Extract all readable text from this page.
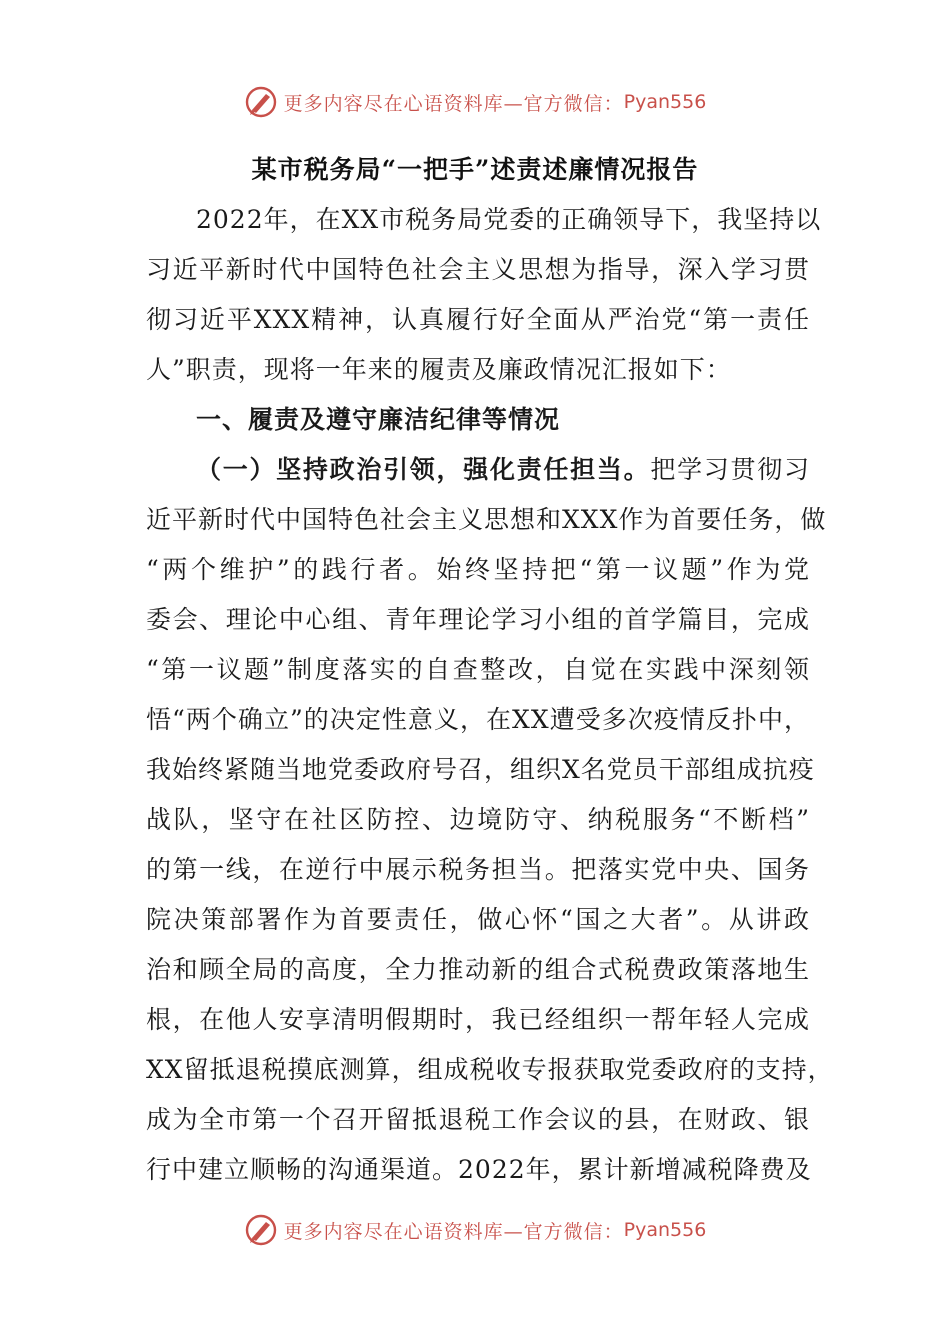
更多内容尽在心语资料库—官方微信： Pyan556
某市税务局“一把手”述责述廉情况报告
2022年，在XX市税务局党委的正确领导下，我坚持以
习近平新时代中国特色社会主义思想为指导，深入学习贯
彻习近平XXX精神，认真履行好全面从严治党“第一责任
人”职责，现将一年来的履责及廉政情况汇报如下：
一、履责及遵守廉洁纪律等情况
（一）坚持政治引领，强化责任担当。把学习贯彻习
近平新时代中国特色社会主义思想和XXX作为首要任务，做
“两个维护”的践行者。始终坚持把“第一议题”作为党
委会、理论中心组、青年理论学习小组的首学篇目，完成
“第一议题”制度落实的自查整改，自觉在实践中深刻领
悟“两个确立”的决定性意义，在XX遭受多次疫情反扑中，
我始终紧随当地党委政府号召，组织X名党员干部组成抗疫
战队，坚守在社区防控、边境防守、纳税服务“不断档”
的第一线，在逆行中展示税务担当。把落实党中央、国务
院决策部署作为首要责任，做心怀“国之大者”。从讲政
治和顾全局的高度，全力推动新的组合式税费政策落地生
根，在他人安享清明假期时，我已经组织一帮年轻人完成
XX留抵退税摸底测算，组成税收专报获取党委政府的支持，
成为全市第一个召开留抵退税工作会议的县，在财政、银
行中建立顺畅的沟通渠道。2022年，累计新增减税降费及
更多内容尽在心语资料库—官方微信： Pyan556
